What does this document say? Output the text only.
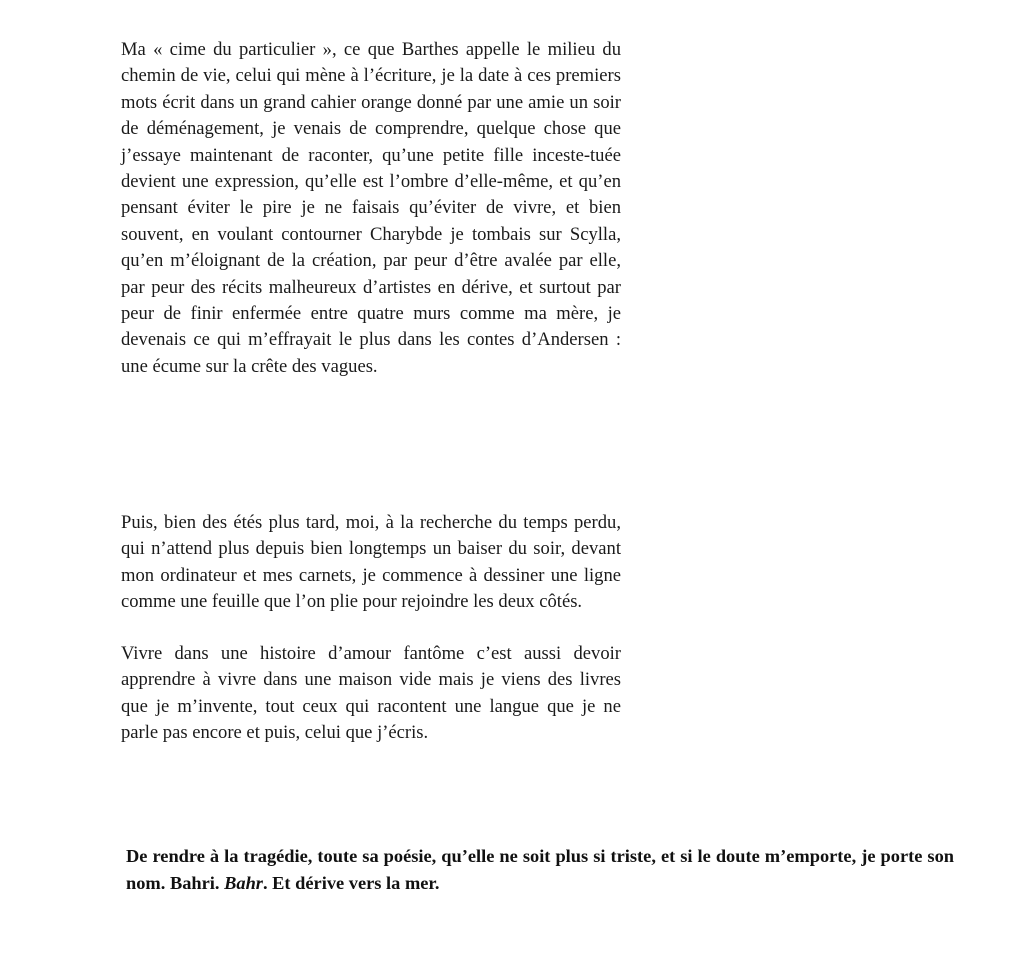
Ma « cime du particulier », ce que Barthes appelle le milieu du chemin de vie, celui qui mène à l’écriture, je la date à ces premiers mots écrit dans un grand cahier orange donné par une amie un soir de déménagement, je venais de comprendre, quelque chose que j’essaye maintenant de raconter, qu’une petite fille inceste-tuée devient une expression, qu’elle est l’ombre d’elle-même, et qu’en pensant éviter le pire je ne faisais qu’éviter de vivre, et bien souvent, en voulant contourner Charybde je tombais sur Scylla, qu’en m’éloignant de la création, par peur d’être avalée par elle, par peur des récits malheureux d’artistes en dérive, et surtout par peur de finir enfermée entre quatre murs comme ma mère, je devenais ce qui m’effrayait le plus dans les contes d’Andersen : une écume sur la crête des vagues.

Puis, bien des étés plus tard, moi, à la recherche du temps perdu, qui n’attend plus depuis bien longtemps un baiser du soir, devant mon ordinateur et mes carnets, je commence à dessiner une ligne comme une feuille que l’on plie pour rejoindre les deux côtés.

Vivre dans une histoire d’amour fantôme c’est aussi devoir apprendre à vivre dans une maison vide mais je viens des livres que je m’invente, tout ceux qui racontent une langue que je ne parle pas encore et puis, celui que j’écris.

De rendre à la tragédie, toute sa poésie, qu’elle ne soit plus si triste, et si le doute m’emporte, je porte son nom. Bahri. Bahr. Et dérive vers la mer.
